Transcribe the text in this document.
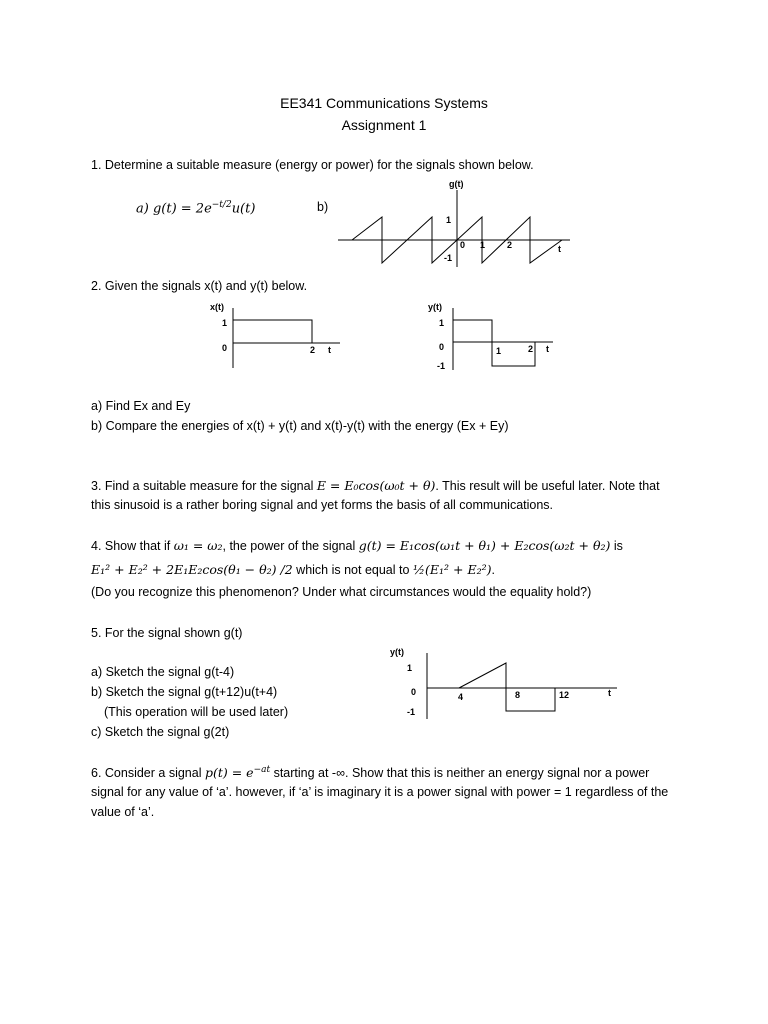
EE341 Communications Systems
Assignment 1
1. Determine a suitable measure (energy or power) for the signals shown below.
a) $g(t) = 2e^{-t/2}u(t)$	b)
g(t)
1
-1
0 1 2	t
2. Given the signals x(t) and y(t) below.
x(t)
1
0	2 t
y(t)
1
0
-1
1	2 t
a) Find Ex and Ey
b) Compare the energies of x(t) + y(t) and x(t)-y(t) with the energy (Ex + Ey)
3. Find a suitable measure for the signal E = E₀cos(ω₀t + θ). This result will be useful later. Note that
this sinusoid is a rather boring signal and yet forms the basis of all communications.
4. Show that if ω₁ = ω₂, the power of the signal g(t) = E₁cos(ω₁t + θ₁) + E₂cos(ω₂t + θ₂) is
E₁² + E₂² + 2E₁E₂cos(θ₁ − θ₂) /2 which is not equal to ½(E₁² + E₂²).
(Do you recognize this phenomenon? Under what circumstances would the equality hold?)
5. For the signal shown g(t)
a) Sketch the signal g(t-4)
b) Sketch the signal g(t+12)u(t+4)
(This operation will be used later)
c) Sketch the signal g(2t)
y(t)
1
0
-1
4	8	12	t
6. Consider a signal $p(t) = e^{-at}$ starting at -∞. Show that this is neither an energy signal nor a power
signal for any value of ‘a’. however, if ‘a’ is imaginary it is a power signal with power = 1 regardless of the
value of ‘a’.
